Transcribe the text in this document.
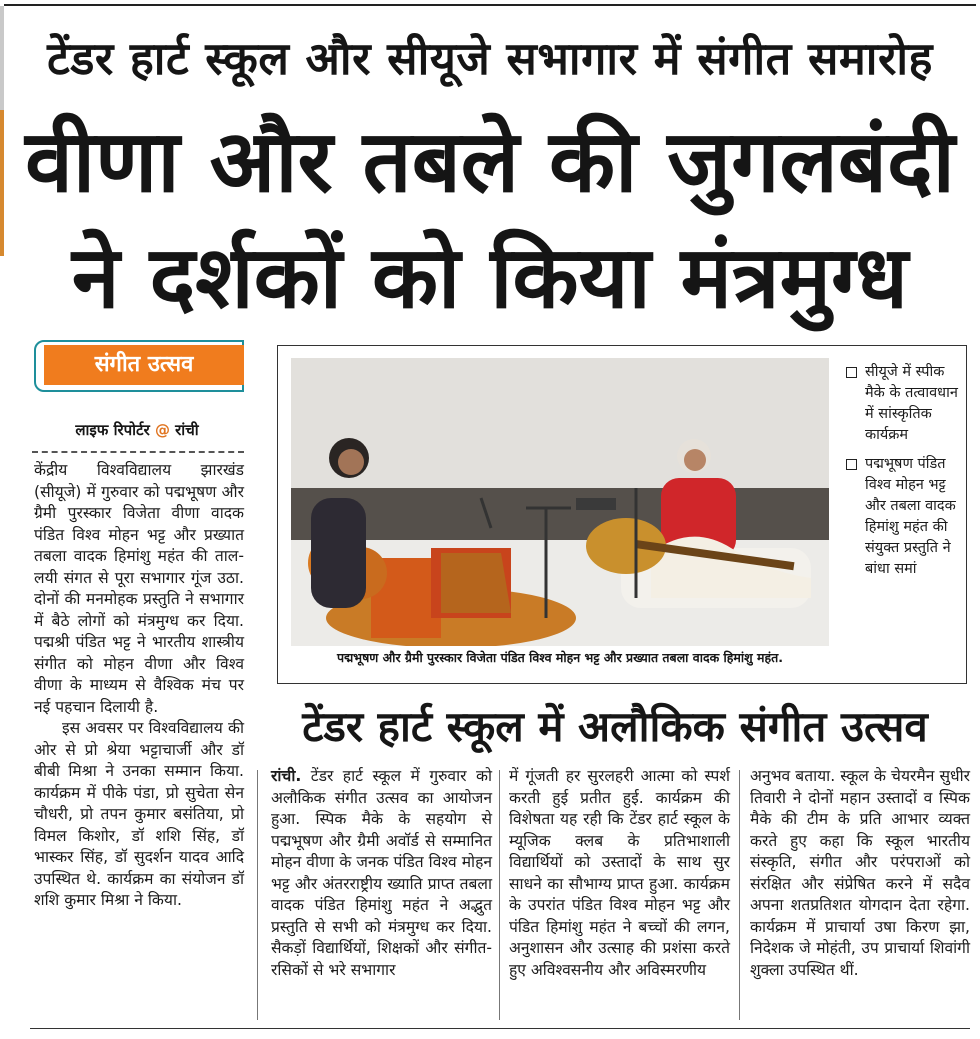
टेंडर हार्ट स्कूल और सीयूजे सभागार में संगीत समारोह
वीणा और तबले की जुगलबंदी
ने दर्शकों को किया मंत्रमुग्ध
संगीत उत्सव
लाइफ रिपोर्टर @ रांची

केंद्रीय विश्वविद्यालय झारखंड (सीयूजे) में गुरुवार को पद्मभूषण और ग्रैमी पुरस्कार विजेता वीणा वादक पंडित विश्व मोहन भट्ट और प्रख्यात तबला वादक हिमांशु महंत की ताल-लयी संगत से पूरा सभागार गूंज उठा. दोनों की मनमोहक प्रस्तुति ने सभागार में बैठे लोगों को मंत्रमुग्ध कर दिया. पद्मश्री पंडित भट्ट ने भारतीय शास्त्रीय संगीत को मोहन वीणा और विश्व वीणा के माध्यम से वैश्विक मंच पर नई पहचान दिलायी है.

इस अवसर पर विश्वविद्यालय की ओर से प्रो श्रेया भट्टाचार्जी और डॉ बीबी मिश्रा ने उनका सम्मान किया. कार्यक्रम में पीके पंडा, प्रो सुचेता सेन चौधरी, प्रो तपन कुमार बसंतिया, प्रो विमल किशोर, डॉ शशि सिंह, डॉ भास्कर सिंह, डॉ सुदर्शन यादव आदि उपस्थित थे. कार्यक्रम का संयोजन डॉ शशि कुमार मिश्रा ने किया.

पद्मभूषण और ग्रैमी पुरस्कार विजेता पंडित विश्व मोहन भट्ट और प्रख्यात तबला वादक हिमांशु महंत.
सीयूजे में स्पीक मैके के तत्वावधान में सांस्कृतिक कार्यक्रम
पद्मभूषण पंडित विश्व मोहन भट्ट और तबला वादक हिमांशु महंत की संयुक्त प्रस्तुति ने बांधा समां
टेंडर हार्ट स्कूल में अलौकिक संगीत उत्सव
रांची. टेंडर हार्ट स्कूल में गुरुवार को अलौकिक संगीत उत्सव का आयोजन हुआ. स्पिक मैके के सहयोग से पद्मभूषण और ग्रैमी अवॉर्ड से सम्मानित मोहन वीणा के जनक पंडित विश्व मोहन भट्ट और अंतरराष्ट्रीय ख्याति प्राप्त तबला वादक पंडित हिमांशु महंत ने अद्भुत प्रस्तुति से सभी को मंत्रमुग्ध कर दिया. सैकड़ों विद्यार्थियों, शिक्षकों और संगीत-रसिकों से भरे सभागार
में गूंजती हर सुरलहरी आत्मा को स्पर्श करती हुई प्रतीत हुई. कार्यक्रम की विशेषता यह रही कि टेंडर हार्ट स्कूल के म्यूजिक क्लब के प्रतिभाशाली विद्यार्थियों को उस्तादों के साथ सुर साधने का सौभाग्य प्राप्त हुआ. कार्यक्रम के उपरांत पंडित विश्व मोहन भट्ट और पंडित हिमांशु महंत ने बच्चों की लगन, अनुशासन और उत्साह की प्रशंसा करते हुए अविश्वसनीय और अविस्मरणीय
अनुभव बताया. स्कूल के चेयरमैन सुधीर तिवारी ने दोनों महान उस्तादों व स्पिक मैके की टीम के प्रति आभार व्यक्त करते हुए कहा कि स्कूल भारतीय संस्कृति, संगीत और परंपराओं को संरक्षित और संप्रेषित करने में सदैव अपना शतप्रतिशत योगदान देता रहेगा. कार्यक्रम में प्राचार्या उषा किरण झा, निदेशक जे मोहंती, उप प्राचार्या शिवांगी शुक्ला उपस्थित थीं.
